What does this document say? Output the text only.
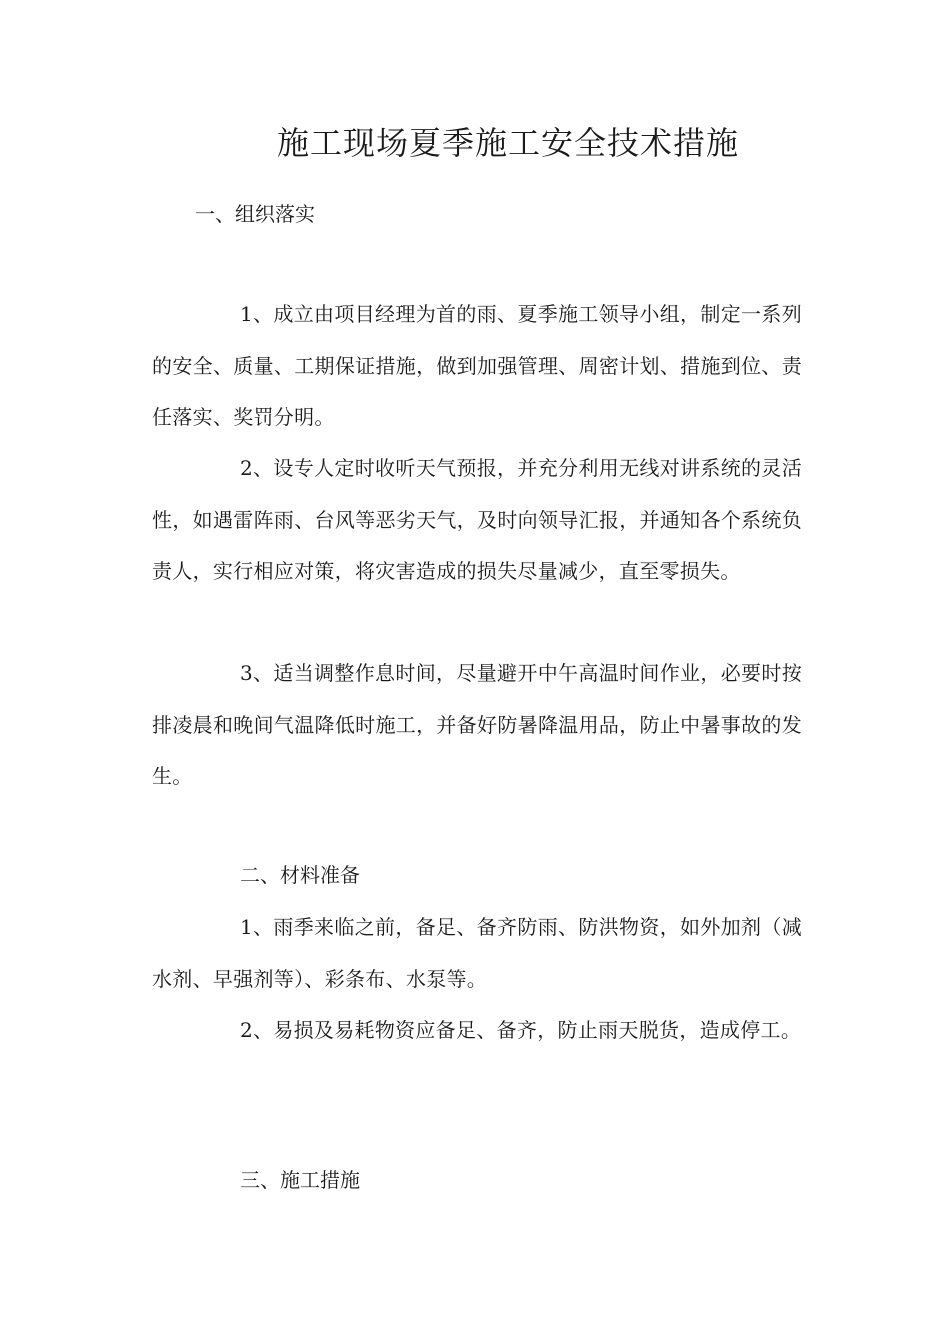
施工现场夏季施工安全技术措施
一、组织落实
1、成立由项目经理为首的雨、夏季施工领导小组，制定一系列的安全、质量、工期保证措施，做到加强管理、周密计划、措施到位、责任落实、奖罚分明。
2、设专人定时收听天气预报，并充分利用无线对讲系统的灵活性，如遇雷阵雨、台风等恶劣天气，及时向领导汇报，并通知各个系统负责人，实行相应对策，将灾害造成的损失尽量减少，直至零损失。
3、适当调整作息时间，尽量避开中午高温时间作业，必要时按排凌晨和晚间气温降低时施工，并备好防暑降温用品，防止中暑事故的发生。
二、材料准备
1、雨季来临之前，备足、备齐防雨、防洪物资，如外加剂（减水剂、早强剂等）、彩条布、水泵等。
2、易损及易耗物资应备足、备齐，防止雨天脱货，造成停工。
三、施工措施
